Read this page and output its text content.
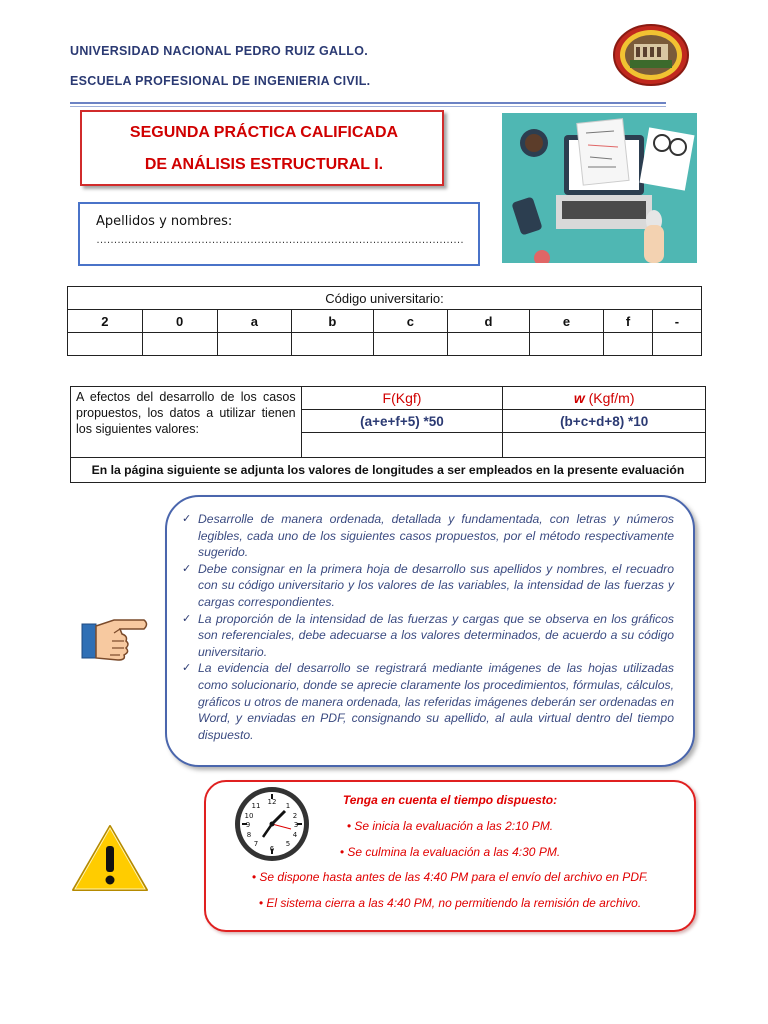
UNIVERSIDAD NACIONAL PEDRO RUIZ GALLO.
ESCUELA PROFESIONAL DE INGENIERIA CIVIL.
SEGUNDA PRÁCTICA CALIFICADA
DE ANÁLISIS ESTRUCTURAL I.
Apellidos y nombres:
……………………………………………………………………………………………
Código universitario:								
2	0	a	b	c	d	e	f	-

A efectos del desarrollo de los casos propuestos, los datos a utilizar tienen los siguientes valores:	F(Kgf)	w (Kgf/m)
	(a+e+f+5) *50	(b+c+d+8) *10

En la página siguiente se adjunta los valores de longitudes a ser empleados en la presente evaluación		
✓ Desarrolle de manera ordenada, detallada y fundamentada, con letras y números legibles, cada uno de los siguientes casos propuestos, por el método respectivamente sugerido.
✓ Debe consignar en la primera hoja de desarrollo sus apellidos y nombres, el recuadro con su código universitario y los valores de las variables, la intensidad de las fuerzas y cargas correspondientes.
✓ La proporción de la intensidad de las fuerzas y cargas que se observa en los gráficos son referenciales, debe adecuarse a los valores determinados, de acuerdo a su código universitario.
✓ La evidencia del desarrollo se registrará mediante imágenes de las hojas utilizadas como solucionario, donde se aprecie claramente los procedimientos, fórmulas, cálculos, gráficos u otros de manera ordenada, las referidas imágenes deberán ser ordenadas en Word, y enviadas en PDF, consignando su apellido, al aula virtual dentro del tiempo dispuesto.
12 1
2
3
4
5
6
7
8
9
10
11	Tenga en cuenta el tiempo dispuesto:
• Se inicia la evaluación a las 2:10 PM.
• Se culmina la evaluación a las 4:30 PM.
• Se dispone hasta antes de las 4:40 PM para el envío del archivo en PDF.
• El sistema cierra a las 4:40 PM, no permitiendo la remisión de archivo.
